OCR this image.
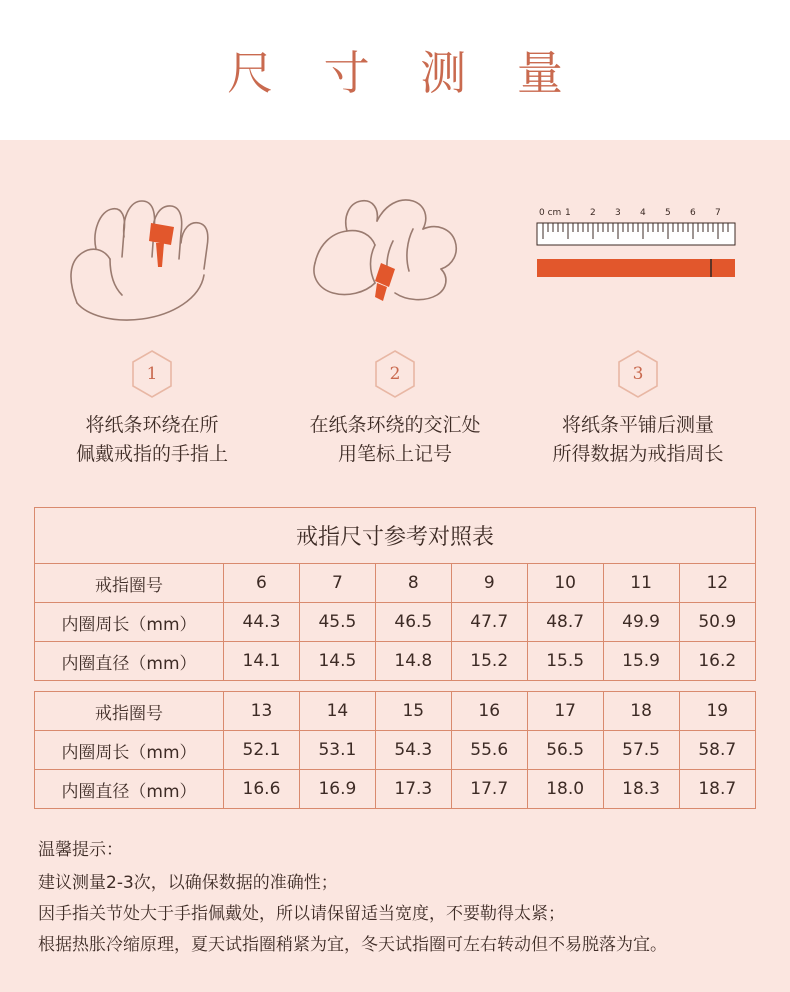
尺 寸 测 量
1
将纸条环绕在所
佩戴戒指的手指上
2
在纸条环绕的交汇处
用笔标上记号
0 cm 1 2 3 4 5 6 7
3
将纸条平铺后测量
所得数据为戒指周长
戒指尺寸参考对照表
戒指圈号	6	7	8	9	10	11	12
内圈周长（mm）	44.3	45.5	46.5	47.7	48.7	49.9	50.9
内圈直径（mm）	14.1	14.5	14.8	15.2	15.5	15.9	16.2
戒指圈号	13	14	15	16	17	18	19
内圈周长（mm）	52.1	53.1	54.3	55.6	56.5	57.5	58.7
内圈直径（mm）	16.6	16.9	17.3	17.7	18.0	18.3	18.7
温馨提示：
建议测量2-3次，以确保数据的准确性；
因手指关节处大于手指佩戴处，所以请保留适当宽度，不要勒得太紧；
根据热胀冷缩原理，夏天试指圈稍紧为宜，冬天试指圈可左右转动但不易脱落为宜。
